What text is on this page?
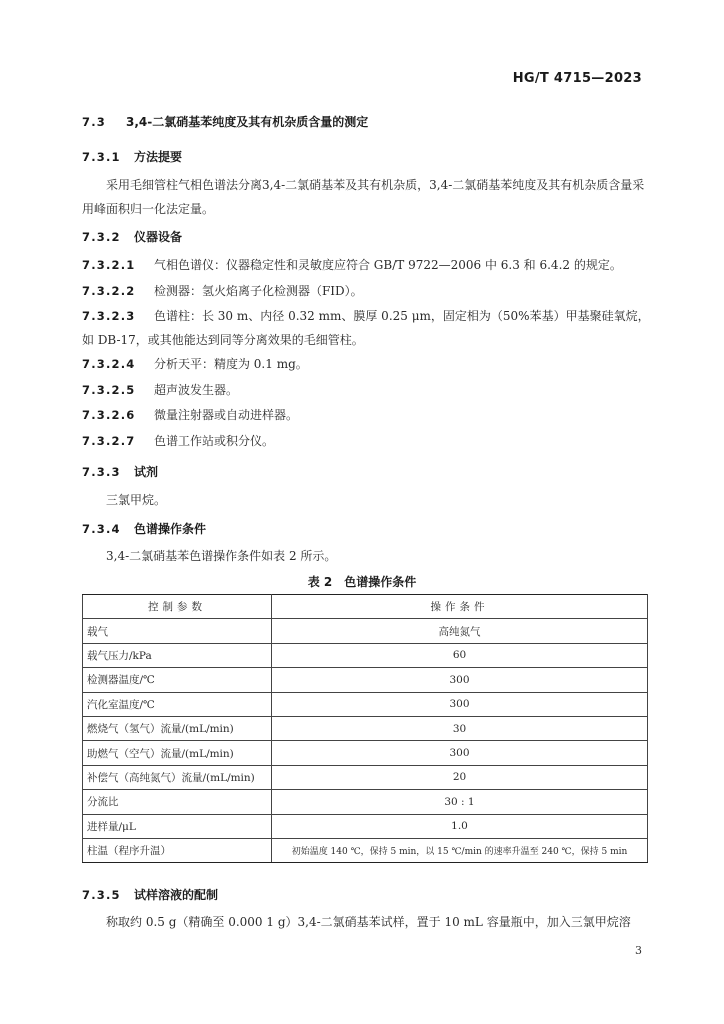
HG/T 4715—2023
7.3 3,4-二氯硝基苯纯度及其有机杂质含量的测定
7.3.1 方法提要
采用毛细管柱气相色谱法分离3,4-二氯硝基苯及其有机杂质，3,4-二氯硝基苯纯度及其有机杂质含量采用峰面积归一化法定量。
7.3.2 仪器设备
7.3.2.1 气相色谱仪：仪器稳定性和灵敏度应符合 GB/T 9722—2006 中 6.3 和 6.4.2 的规定。
7.3.2.2 检测器：氢火焰离子化检测器（FID）。
7.3.2.3 色谱柱：长 30 m、内径 0.32 mm、膜厚 0.25 μm，固定相为（50%苯基）甲基聚硅氧烷，
如 DB-17，或其他能达到同等分离效果的毛细管柱。
7.3.2.4 分析天平：精度为 0.1 mg。
7.3.2.5 超声波发生器。
7.3.2.6 微量注射器或自动进样器。
7.3.2.7 色谱工作站或积分仪。
7.3.3 试剂
三氯甲烷。
7.3.4 色谱操作条件
3,4-二氯硝基苯色谱操作条件如表 2 所示。
表 2　色谱操作条件
控制参数	操作条件
载气	高纯氮气
载气压力/kPa	60
检测器温度/℃	300
汽化室温度/℃	300
燃烧气（氢气）流量/(mL/min)	30
助燃气（空气）流量/(mL/min)	300
补偿气（高纯氮气）流量/(mL/min)	20
分流比	30 : 1
进样量/μL	1.0
柱温（程序升温）	初始温度 140 ℃，保持 5 min，以 15 ℃/min 的速率升温至 240 ℃，保持 5 min
7.3.5 试样溶液的配制
称取约 0.5 g（精确至 0.000 1 g）3,4-二氯硝基苯试样，置于 10 mL 容量瓶中，加入三氯甲烷溶
3
